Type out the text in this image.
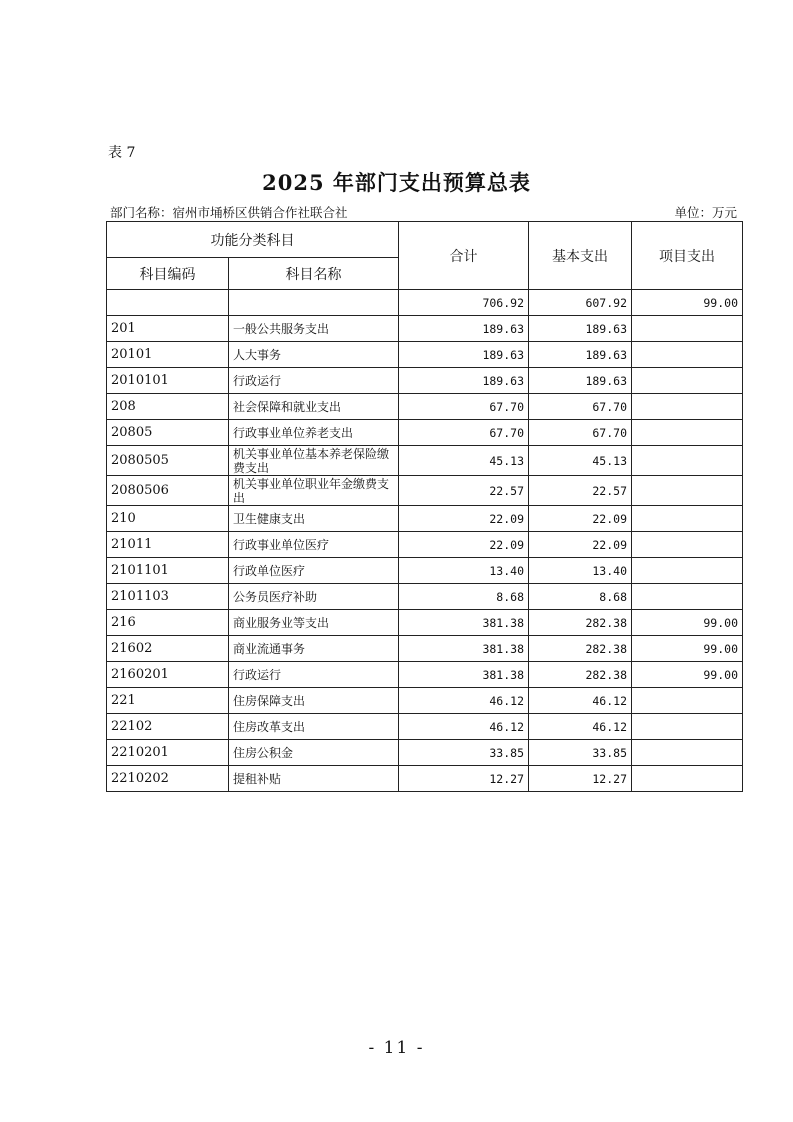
表 7
2025 年部门支出预算总表
部门名称：宿州市埇桥区供销合作社联合社	单位：万元
功能分类科目		合计	基本支出	项目支出
科目编码	科目名称			
		706.92	607.92	99.00
201	一般公共服务支出	189.63	189.63	
20101	人大事务	189.63	189.63	
2010101	行政运行	189.63	189.63	
208	社会保障和就业支出	67.70	67.70	
20805	行政事业单位养老支出	67.70	67.70	
2080505	机关事业单位基本养老保险缴费支出	45.13	45.13	
2080506	机关事业单位职业年金缴费支出	22.57	22.57	
210	卫生健康支出	22.09	22.09	
21011	行政事业单位医疗	22.09	22.09	
2101101	行政单位医疗	13.40	13.40	
2101103	公务员医疗补助	8.68	8.68	
216	商业服务业等支出	381.38	282.38	99.00
21602	商业流通事务	381.38	282.38	99.00
2160201	行政运行	381.38	282.38	99.00
221	住房保障支出	46.12	46.12	
22102	住房改革支出	46.12	46.12	
2210201	住房公积金	33.85	33.85	
2210202	提租补贴	12.27	12.27	
- 11 -
